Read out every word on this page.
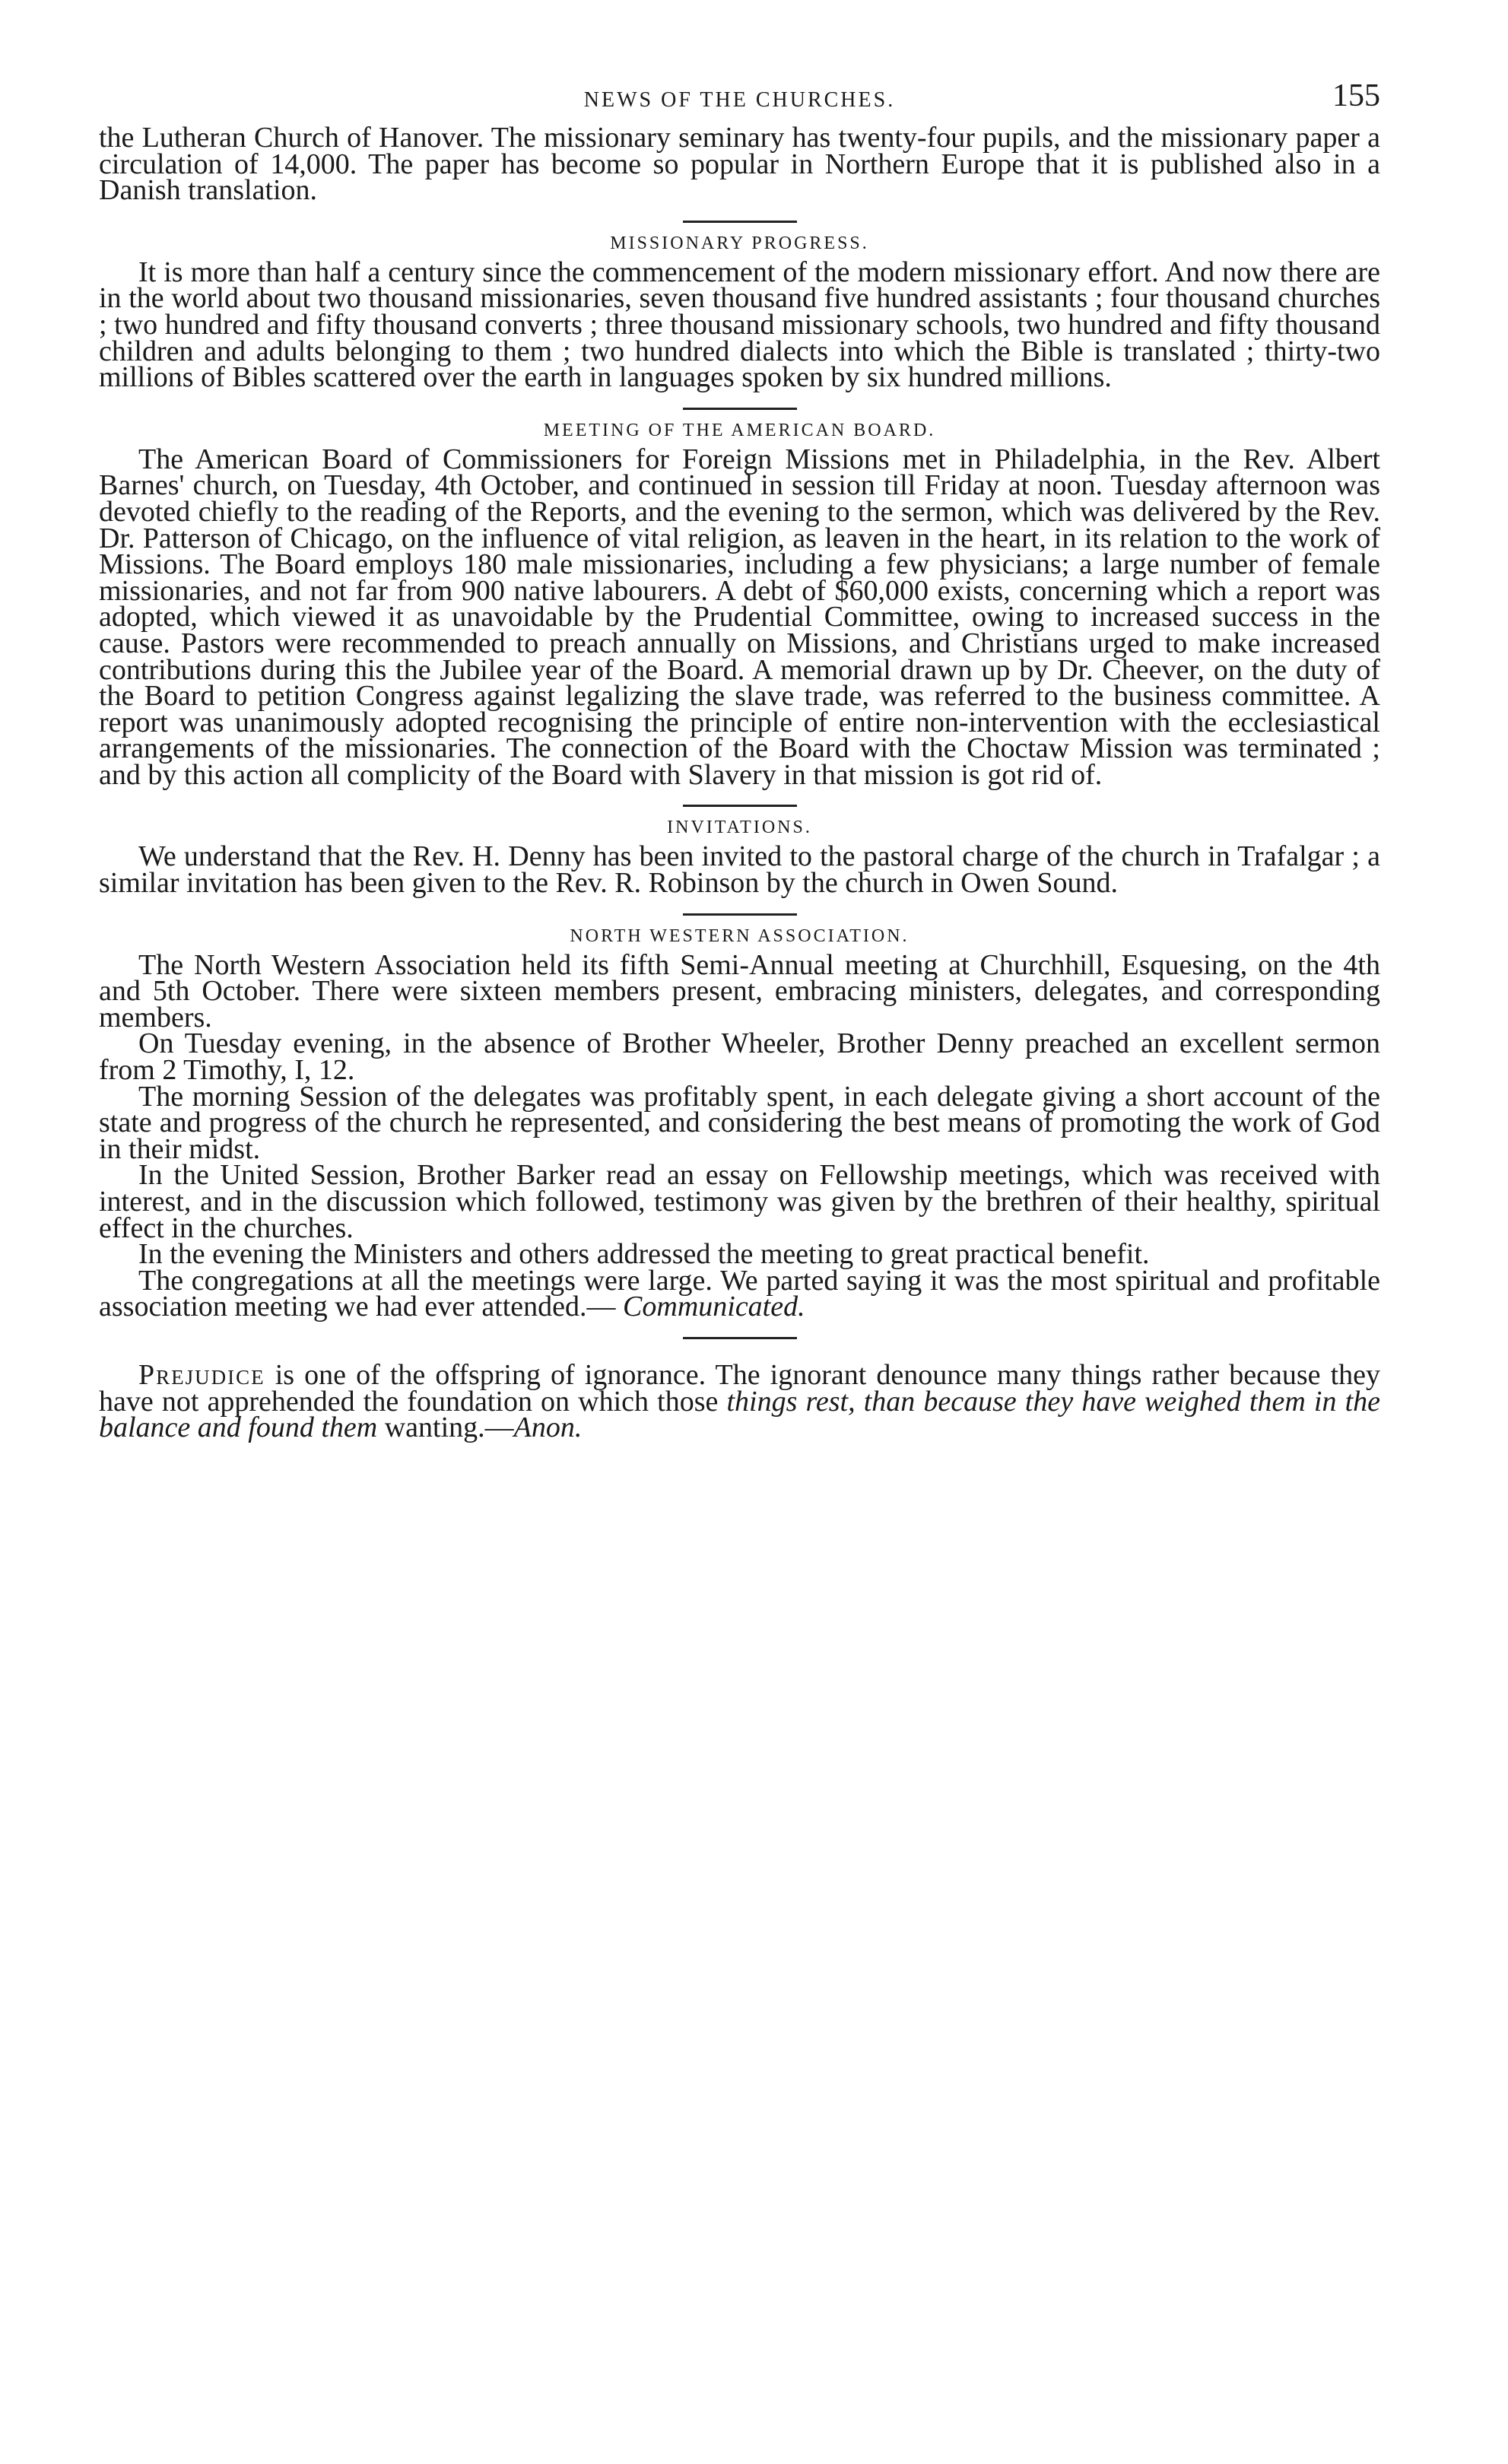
NEWS OF THE CHURCHES.	155

the Lutheran Church of Hanover. The missionary seminary has twenty-four pupils, and the missionary paper a circulation of 14,000. The paper has become so popular in Northern Europe that it is published also in a Danish translation.

MISSIONARY PROGRESS.

It is more than half a century since the commencement of the modern missionary effort. And now there are in the world about two thousand missionaries, seven thousand five hundred assistants ; four thousand churches ; two hundred and fifty thousand converts ; three thousand missionary schools, two hundred and fifty thousand children and adults belonging to them ; two hundred dialects into which the Bible is translated ; thirty-two millions of Bibles scattered over the earth in languages spoken by six hundred millions.

MEETING OF THE AMERICAN BOARD.

The American Board of Commissioners for Foreign Missions met in Philadelphia, in the Rev. Albert Barnes' church, on Tuesday, 4th October, and continued in session till Friday at noon. Tuesday afternoon was devoted chiefly to the reading of the Reports, and the evening to the sermon, which was delivered by the Rev. Dr. Patterson of Chicago, on the influence of vital religion, as leaven in the heart, in its relation to the work of Missions. The Board employs 180 male missionaries, including a few physicians; a large number of female missionaries, and not far from 900 native labourers. A debt of $60,000 exists, concerning which a report was adopted, which viewed it as unavoidable by the Prudential Committee, owing to increased success in the cause. Pastors were recommended to preach annually on Missions, and Christians urged to make increased contributions during this the Jubilee year of the Board. A memorial drawn up by Dr. Cheever, on the duty of the Board to petition Congress against legalizing the slave trade, was referred to the business committee. A report was unanimously adopted recognising the principle of entire non-intervention with the ecclesiastical arrangements of the missionaries. The connection of the Board with the Choctaw Mission was terminated ; and by this action all complicity of the Board with Slavery in that mission is got rid of.

INVITATIONS.

We understand that the Rev. H. Denny has been invited to the pastoral charge of the church in Trafalgar ; a similar invitation has been given to the Rev. R. Robinson by the church in Owen Sound.

NORTH WESTERN ASSOCIATION.

The North Western Association held its fifth Semi-Annual meeting at Churchhill, Esquesing, on the 4th and 5th October. There were sixteen members present, embracing ministers, delegates, and corresponding members.

On Tuesday evening, in the absence of Brother Wheeler, Brother Denny preached an excellent sermon from 2 Timothy, I, 12.

The morning Session of the delegates was profitably spent, in each delegate giving a short account of the state and progress of the church he represented, and considering the best means of promoting the work of God in their midst.

In the United Session, Brother Barker read an essay on Fellowship meetings, which was received with interest, and in the discussion which followed, testimony was given by the brethren of their healthy, spiritual effect in the churches.

In the evening the Ministers and others addressed the meeting to great practical benefit.

The congregations at all the meetings were large. We parted saying it was the most spiritual and profitable association meeting we had ever attended.— Communicated.

Prejudice is one of the offspring of ignorance. The ignorant denounce many things rather because they have not apprehended the foundation on which those things rest, than because they have weighed them in the balance and found them wanting.—Anon.
